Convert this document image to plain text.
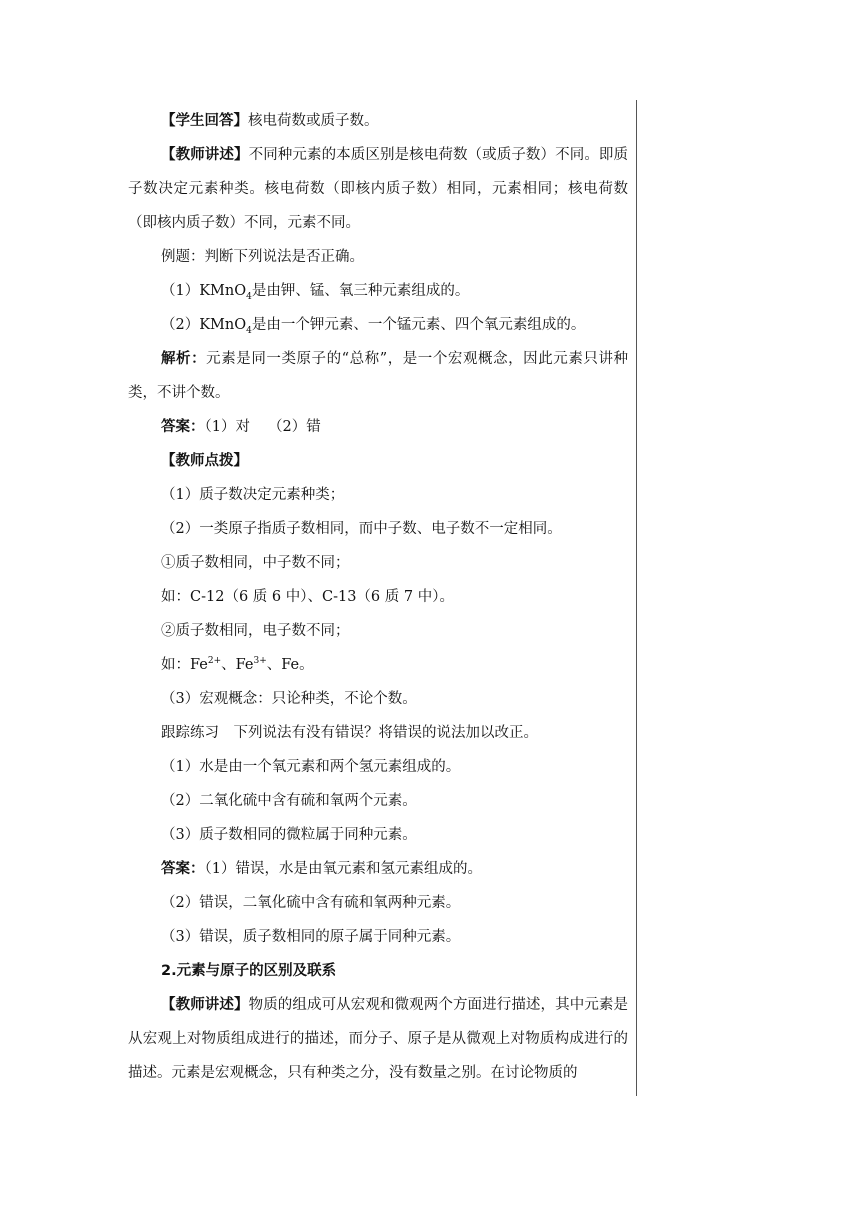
【学生回答】核电荷数或质子数。

【教师讲述】不同种元素的本质区别是核电荷数（或质子数）不同。即质子数决定元素种类。核电荷数（即核内质子数）相同，元素相同；核电荷数（即核内质子数）不同，元素不同。

例题：判断下列说法是否正确。

（1）KMnO$_4$是由钾、锰、氧三种元素组成的。

（2）KMnO$_4$是由一个钾元素、一个锰元素、四个氧元素组成的。

解析：元素是同一类原子的“总称”，是一个宏观概念，因此元素只讲种类，不讲个数。

答案：（1）对 （2）错

【教师点拨】

（1）质子数决定元素种类；

（2）一类原子指质子数相同，而中子数、电子数不一定相同。

①质子数相同，中子数不同；

如：C-12（6 质 6 中）、C-13（6 质 7 中）。

②质子数相同，电子数不同；

如：$Fe^{2+}$、$Fe^{3+}$、Fe。

（3）宏观概念：只论种类，不论个数。

跟踪练习　下列说法有没有错误？将错误的说法加以改正。

（1）水是由一个氧元素和两个氢元素组成的。

（2）二氧化硫中含有硫和氧两个元素。

（3）质子数相同的微粒属于同种元素。

答案：（1）错误，水是由氧元素和氢元素组成的。

（2）错误，二氧化硫中含有硫和氧两种元素。

（3）错误，质子数相同的原子属于同种元素。

2.元素与原子的区别及联系

【教师讲述】物质的组成可从宏观和微观两个方面进行描述，其中元素是从宏观上对物质组成进行的描述，而分子、原子是从微观上对物质构成进行的描述。元素是宏观概念，只有种类之分，没有数量之别。在讨论物质的
